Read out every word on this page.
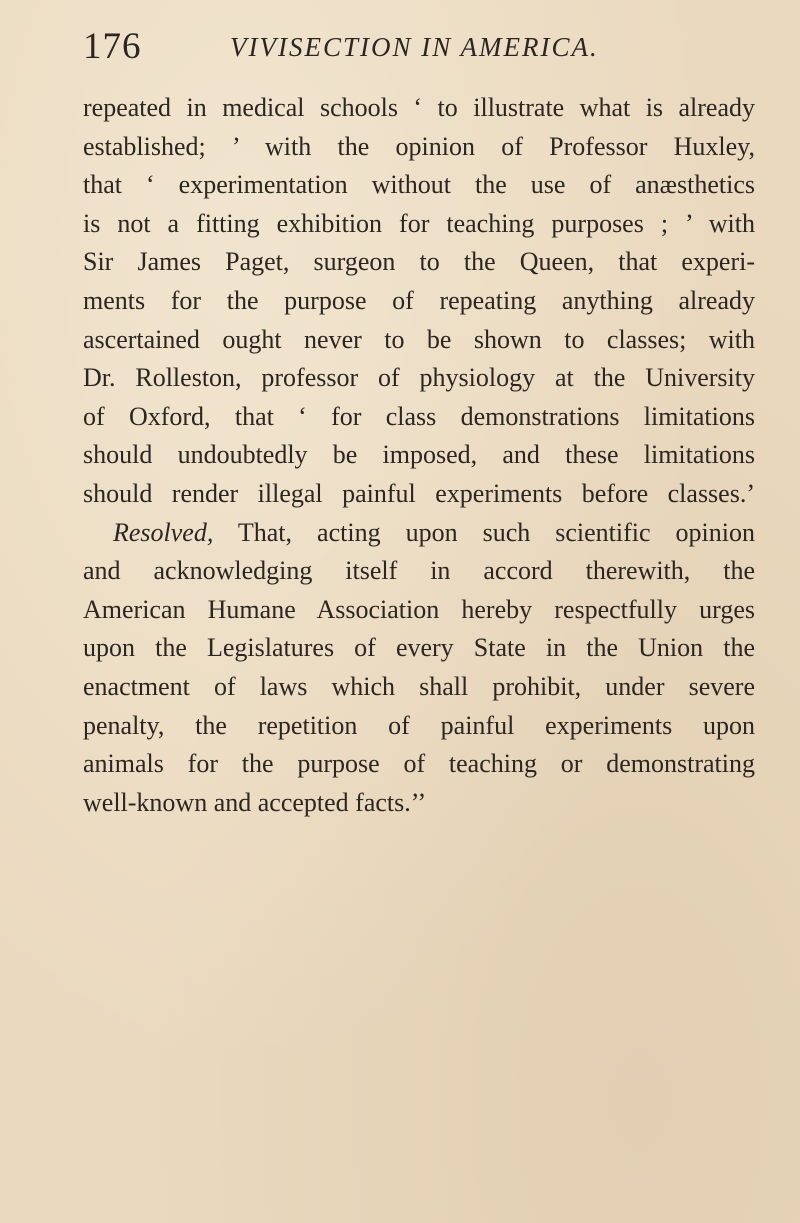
176	VIVISECTION IN AMERICA.
repeated in medical schools ‘ to illustrate what is already
established; ’ with the opinion of Professor Huxley,
that ‘ experimentation without the use of anæsthetics
is not a fitting exhibition for teaching purposes ; ’ with
Sir James Paget, surgeon to the Queen, that experi-
ments for the purpose of repeating anything already
ascertained ought never to be shown to classes; with
Dr. Rolleston, professor of physiology at the University
of Oxford, that ‘ for class demonstrations limitations
should undoubtedly be imposed, and these limitations
should render illegal painful experiments before classes.’
Resolved, That, acting upon such scientific opinion
and acknowledging itself in accord therewith, the
American Humane Association hereby respectfully urges
upon the Legislatures of every State in the Union the
enactment of laws which shall prohibit, under severe
penalty, the repetition of painful experiments upon
animals for the purpose of teaching or demonstrating
well-known and accepted facts.’’
